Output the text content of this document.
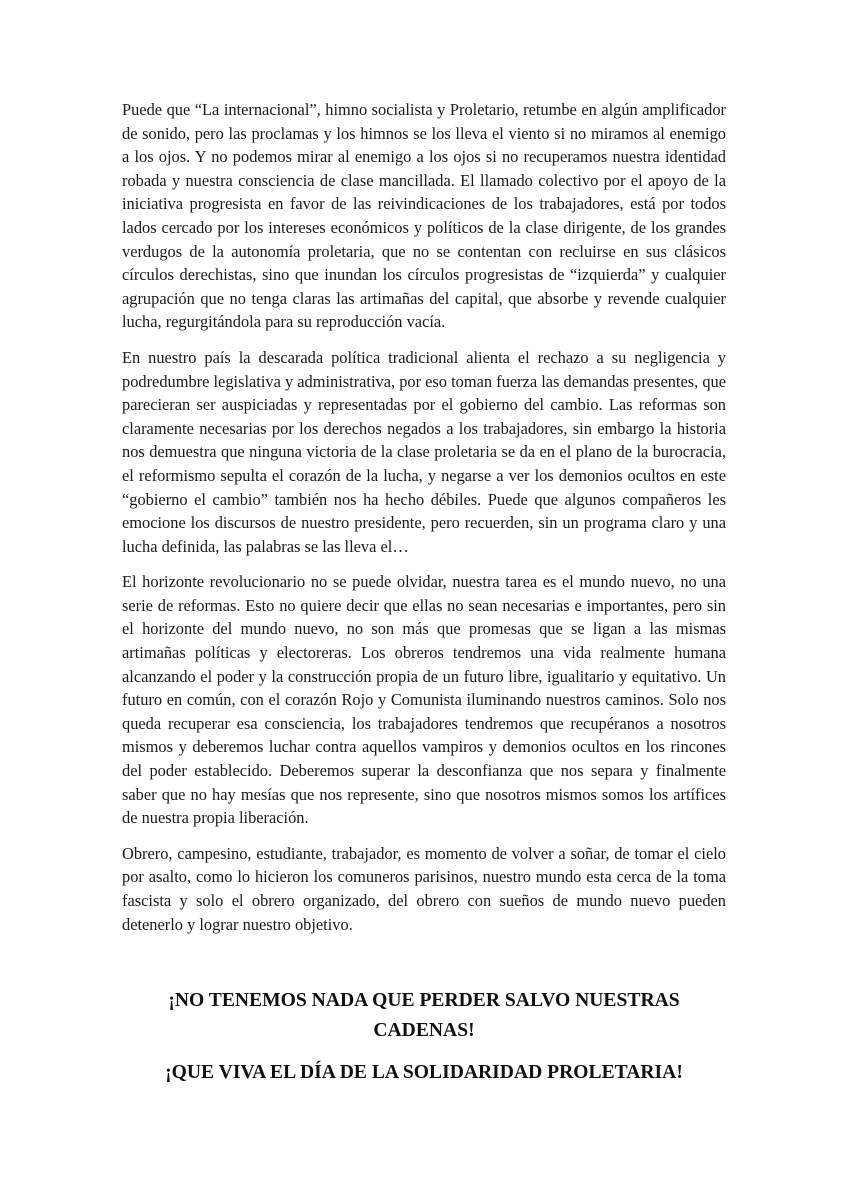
Puede que “La internacional”, himno socialista y Proletario, retumbe en algún amplificador de sonido, pero las proclamas y los himnos se los lleva el viento si no miramos al enemigo a los ojos. Y no podemos mirar al enemigo a los ojos si no recuperamos nuestra identidad robada y nuestra consciencia de clase mancillada. El llamado colectivo por el apoyo de la iniciativa progresista en favor de las reivindicaciones de los trabajadores, está por todos lados cercado por los intereses económicos y políticos de la clase dirigente, de los grandes verdugos de la autonomía proletaria, que no se contentan con recluirse en sus clásicos círculos derechistas, sino que inundan los círculos progresistas de “izquierda” y cualquier agrupación que no tenga claras las artimañas del capital, que absorbe y revende cualquier lucha, regurgitándola para su reproducción vacía.

En nuestro país la descarada política tradicional alienta el rechazo a su negligencia y podredumbre legislativa y administrativa, por eso toman fuerza las demandas presentes, que parecieran ser auspiciadas y representadas por el gobierno del cambio. Las reformas son claramente necesarias por los derechos negados a los trabajadores, sin embargo la historia nos demuestra que ninguna victoria de la clase proletaria se da en el plano de la burocracia, el reformismo sepulta el corazón de la lucha, y negarse a ver los demonios ocultos en este “gobierno el cambio” también nos ha hecho débiles. Puede que algunos compañeros les emocione los discursos de nuestro presidente, pero recuerden, sin un programa claro y una lucha definida, las palabras se las lleva el…

El horizonte revolucionario no se puede olvidar, nuestra tarea es el mundo nuevo, no una serie de reformas. Esto no quiere decir que ellas no sean necesarias e importantes, pero sin el horizonte del mundo nuevo, no son más que promesas que se ligan a las mismas artimañas políticas y electoreras. Los obreros tendremos una vida realmente humana alcanzando el poder y la construcción propia de un futuro libre, igualitario y equitativo. Un futuro en común, con el corazón Rojo y Comunista iluminando nuestros caminos. Solo nos queda recuperar esa consciencia, los trabajadores tendremos que recupéranos a nosotros mismos y deberemos luchar contra aquellos vampiros y demonios ocultos en los rincones del poder establecido. Deberemos superar la desconfianza que nos separa y finalmente saber que no hay mesías que nos represente, sino que nosotros mismos somos los artífices de nuestra propia liberación.

Obrero, campesino, estudiante, trabajador, es momento de volver a soñar, de tomar el cielo por asalto, como lo hicieron los comuneros parisinos, nuestro mundo esta cerca de la toma fascista y solo el obrero organizado, del obrero con sueños de mundo nuevo pueden detenerlo y lograr nuestro objetivo.

¡NO TENEMOS NADA QUE PERDER SALVO NUESTRAS CADENAS!

¡QUE VIVA EL DÍA DE LA SOLIDARIDAD PROLETARIA!
